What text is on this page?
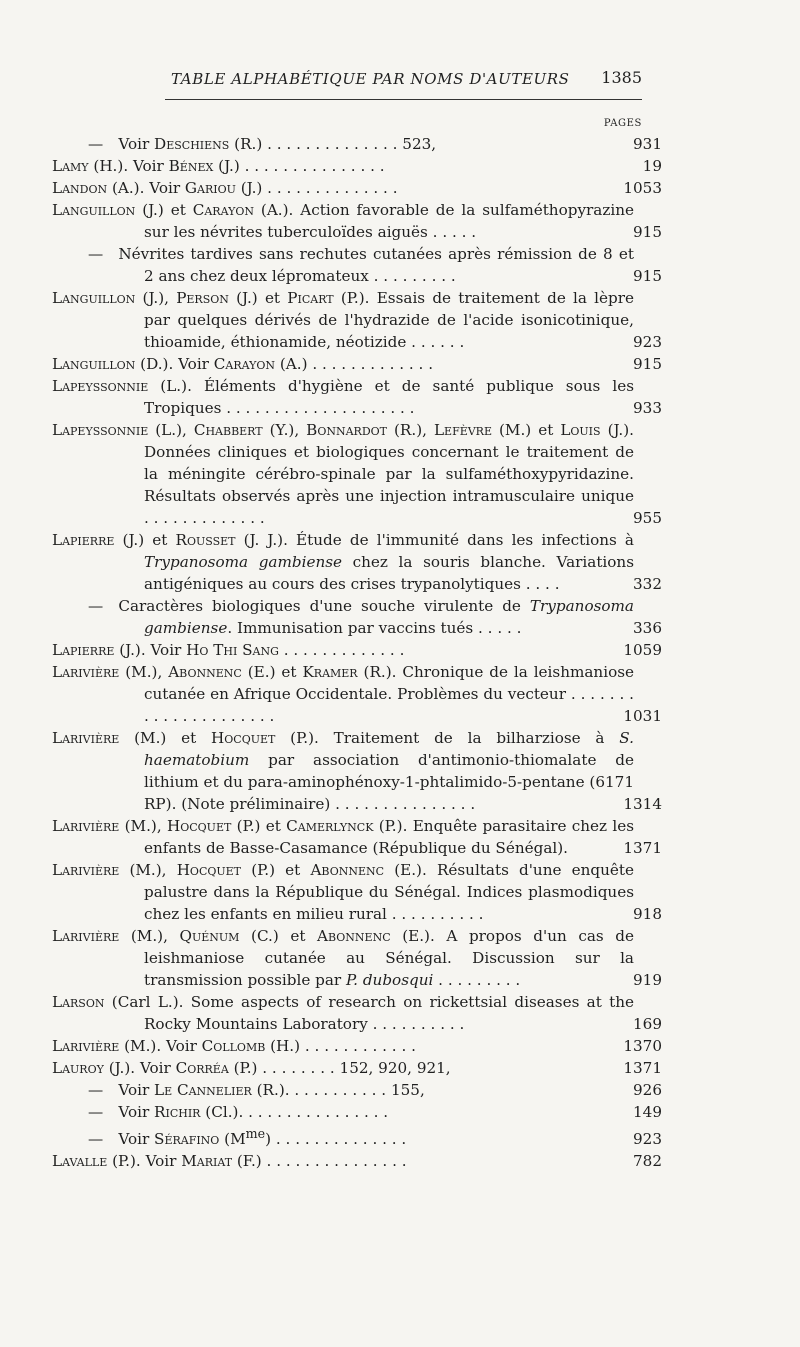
TABLE ALPHABÉTIQUE PAR NOMS D'AUTEURS 1385
PAGES
— Voir Deschiens (R.) . . . . . . . . . . . . . . 523,	931
Lamy (H.). Voir Bénex (J.) . . . . . . . . . . . . . . .	19
Landon (A.). Voir Gariou (J.) . . . . . . . . . . . . . .	1053
Languillon (J.) et Carayon (A.). Action favorable de la sulfaméthopyrazine sur les névrites tuberculoïdes aiguës . . . . .	915
— Névrites tardives sans rechutes cutanées après rémission de 8 et 2 ans chez deux lépromateux . . . . . . . . .	915
Languillon (J.), Person (J.) et Picart (P.). Essais de traitement de la lèpre par quelques dérivés de l'hydrazide de l'acide isonicotinique, thioamide, éthionamide, néotizide . . . . . .	923
Languillon (D.). Voir Carayon (A.) . . . . . . . . . . . . .	915
Lapeyssonnie (L.). Éléments d'hygiène et de santé publique sous les Tropiques . . . . . . . . . . . . . . . . . . . .	933
Lapeyssonnie (L.), Chabbert (Y.), Bonnardot (R.), Lefèvre (M.) et Louis (J.). Données cliniques et biologiques concernant le traitement de la méningite cérébro-spinale par la sulfaméthoxypyridazine. Résultats observés après une injection intramusculaire unique . . . . . . . . . . . . .	955
Lapierre (J.) et Rousset (J. J.). Étude de l'immunité dans les infections à Trypanosoma gambiense chez la souris blanche. Variations antigéniques au cours des crises trypanolytiques . . . .	332
— Caractères biologiques d'une souche virulente de Trypanosoma gambiense. Immunisation par vaccins tués . . . . .	336
Lapierre (J.). Voir Ho Thi Sang . . . . . . . . . . . . .	1059
Larivière (M.), Abonnenc (E.) et Kramer (R.). Chronique de la leishmaniose cutanée en Afrique Occidentale. Problèmes du vecteur . . . . . . . . . . . . . . . . . . . . .	1031
Larivière (M.) et Hocquet (P.). Traitement de la bilharziose à S. haematobium par association d'antimonio-thiomalate de lithium et du para-aminophénoxy-1-phtalimido-5-pentane (6171 RP). (Note préliminaire) . . . . . . . . . . . . . . .	1314
Larivière (M.), Hocquet (P.) et Camerlynck (P.). Enquête parasitaire chez les enfants de Basse-Casamance (République du Sénégal).	1371
Larivière (M.), Hocquet (P.) et Abonnenc (E.). Résultats d'une enquête palustre dans la République du Sénégal. Indices plasmodiques chez les enfants en milieu rural . . . . . . . . . .	918
Larivière (M.), Quénum (C.) et Abonnenc (E.). A propos d'un cas de leishmaniose cutanée au Sénégal. Discussion sur la transmission possible par P. dubosqui . . . . . . . . .	919
Larson (Carl L.). Some aspects of research on rickettsial diseases at the Rocky Mountains Laboratory . . . . . . . . . .	169
Larivière (M.). Voir Collomb (H.) . . . . . . . . . . . .	1370
Lauroy (J.). Voir Corréa (P.) . . . . . . . . 152, 920, 921,	1371
— Voir Le Cannelier (R.). . . . . . . . . . . 155,	926
— Voir Richir (Cl.). . . . . . . . . . . . . . . .	149
— Voir Sérafino $(M^{me})$ . . . . . . . . . . . . . .	923
Lavalle (P.). Voir Mariat (F.) . . . . . . . . . . . . . . .	782
